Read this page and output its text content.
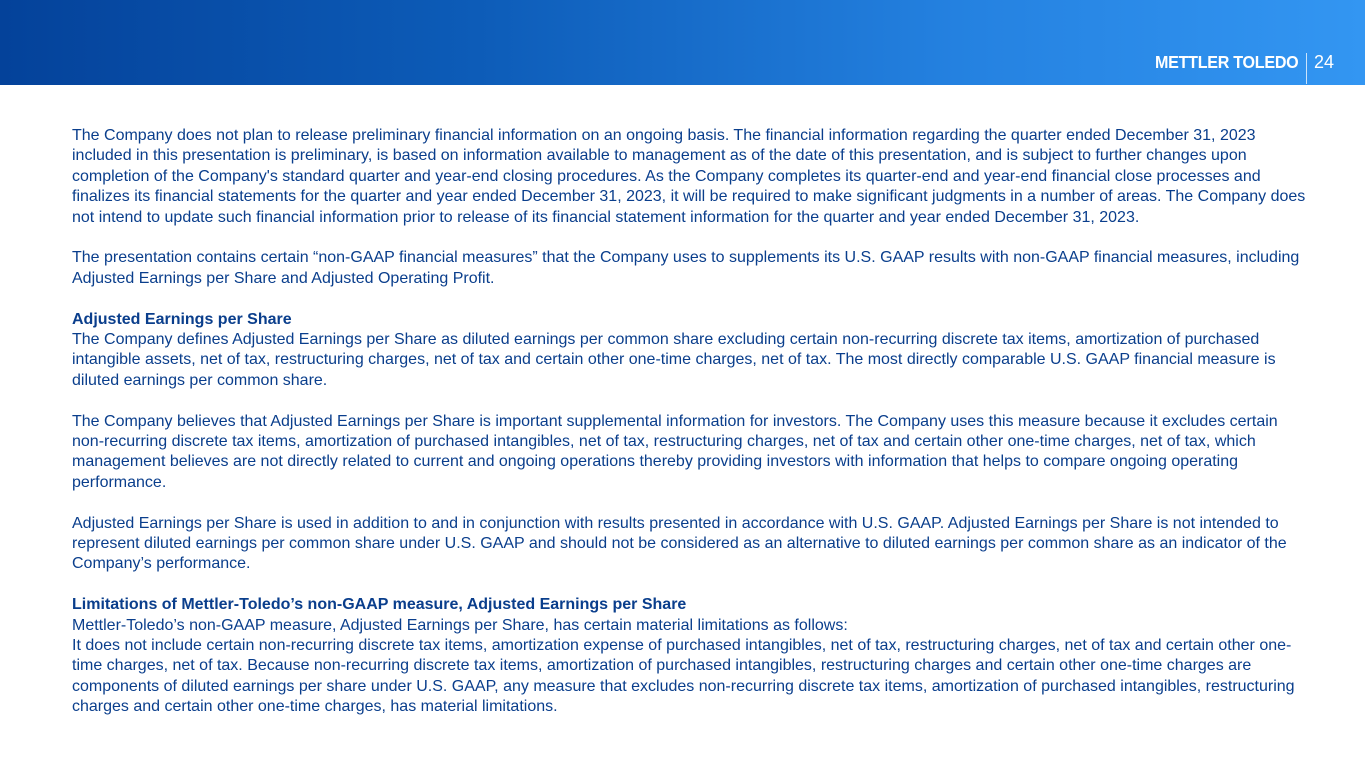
METTLER TOLEDO 24

The Company does not plan to release preliminary financial information on an ongoing basis. The financial information regarding the quarter ended December 31, 2023 included in this presentation is preliminary, is based on information available to management as of the date of this presentation, and is subject to further changes upon completion of the Company's standard quarter and year-end closing procedures. As the Company completes its quarter-end and year-end financial close processes and finalizes its financial statements for the quarter and year ended December 31, 2023, it will be required to make significant judgments in a number of areas. The Company does not intend to update such financial information prior to release of its financial statement information for the quarter and year ended December 31, 2023.

The presentation contains certain “non-GAAP financial measures” that the Company uses to supplements its U.S. GAAP results with non-GAAP financial measures, including Adjusted Earnings per Share and Adjusted Operating Profit.

Adjusted Earnings per Share
The Company defines Adjusted Earnings per Share as diluted earnings per common share excluding certain non-recurring discrete tax items, amortization of purchased intangible assets, net of tax, restructuring charges, net of tax and certain other one-time charges, net of tax. The most directly comparable U.S. GAAP financial measure is diluted earnings per common share.

The Company believes that Adjusted Earnings per Share is important supplemental information for investors. The Company uses this measure because it excludes certain non-recurring discrete tax items, amortization of purchased intangibles, net of tax, restructuring charges, net of tax and certain other one-time charges, net of tax, which management believes are not directly related to current and ongoing operations thereby providing investors with information that helps to compare ongoing operating performance.

Adjusted Earnings per Share is used in addition to and in conjunction with results presented in accordance with U.S. GAAP. Adjusted Earnings per Share is not intended to represent diluted earnings per common share under U.S. GAAP and should not be considered as an alternative to diluted earnings per common share as an indicator of the Company’s performance.

Limitations of Mettler-Toledo’s non-GAAP measure, Adjusted Earnings per Share
Mettler-Toledo’s non-GAAP measure, Adjusted Earnings per Share, has certain material limitations as follows:
It does not include certain non-recurring discrete tax items, amortization expense of purchased intangibles, net of tax, restructuring charges, net of tax and certain other one-time charges, net of tax. Because non-recurring discrete tax items, amortization of purchased intangibles, restructuring charges and certain other one-time charges are components of diluted earnings per share under U.S. GAAP, any measure that excludes non-recurring discrete tax items, amortization of purchased intangibles, restructuring charges and certain other one-time charges, has material limitations.
